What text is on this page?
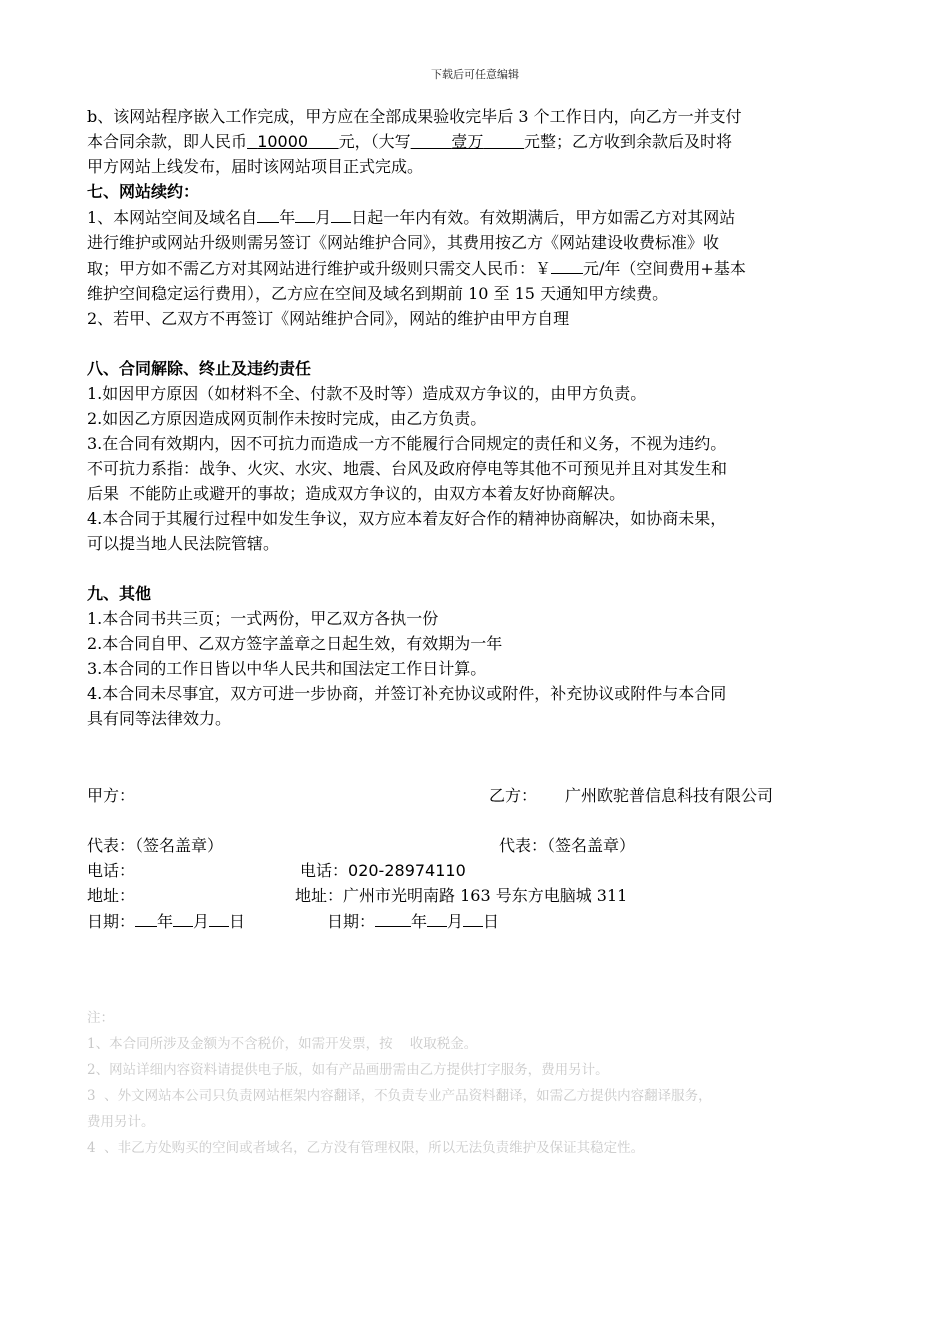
下载后可任意编辑

b、该网站程序嵌入工作完成，甲方应在全部成果验收完毕后 3 个工作日内，向乙方一并支付

本合同余款，即人民币 10000 元，（大写	壹万	元整；乙方收到余款后及时将

甲方网站上线发布，届时该网站项目正式完成。

七、网站续约：

1、本网站空间及域名自 年 月 日起一年内有效。有效期满后，甲方如需乙方对其网站

进行维护或网站升级则需另签订《网站维护合同》，其费用按乙方《网站建设收费标准》收

取；甲方如不需乙方对其网站进行维护或升级则只需交人民币：￥ 元/年（空间费用+基本

维护空间稳定运行费用），乙方应在空间及域名到期前 10 至 15 天通知甲方续费。

2、若甲、乙双方不再签订《网站维护合同》，网站的维护由甲方自理

八、合同解除、终止及违约责任

1.如因甲方原因（如材料不全、付款不及时等）造成双方争议的，由甲方负责。

2.如因乙方原因造成网页制作未按时完成，由乙方负责。

3.在合同有效期内，因不可抗力而造成一方不能履行合同规定的责任和义务，不视为违约。

不可抗力系指：战争、火灾、水灾、地震、台风及政府停电等其他不可预见并且对其发生和

后果  不能防止或避开的事故；造成双方争议的，由双方本着友好协商解决。

4.本合同于其履行过程中如发生争议，双方应本着友好合作的精神协商解决，如协商未果，

可以提当地人民法院管辖。

九、其他

1.本合同书共三页；一式两份，甲乙双方各执一份

2.本合同自甲、乙双方签字盖章之日起生效，有效期为一年

3.本合同的工作日皆以中华人民共和国法定工作日计算。

4.本合同未尽事宜，双方可进一步协商，并签订补充协议或附件，补充协议或附件与本合同

具有同等法律效力。

甲方：	乙方： 广州欧驼普信息科技有限公司
代表：（签名盖章）	代表：（签名盖章）
电话：	电话：020-28974110
地址：	地址：广州市光明南路 163 号东方电脑城 311
日期： 年 月 日	日期： 年 月 日

注：

1、本合同所涉及金额为不含税价，如需开发票，按    收取税金。

2、网站详细内容资料请提供电子版，如有产品画册需由乙方提供打字服务，费用另计。

3  、外文网站本公司只负责网站框架内容翻译，不负责专业产品资料翻译，如需乙方提供内容翻译服务，

费用另计。

4  、非乙方处购买的空间或者域名，乙方没有管理权限，所以无法负责维护及保证其稳定性。
